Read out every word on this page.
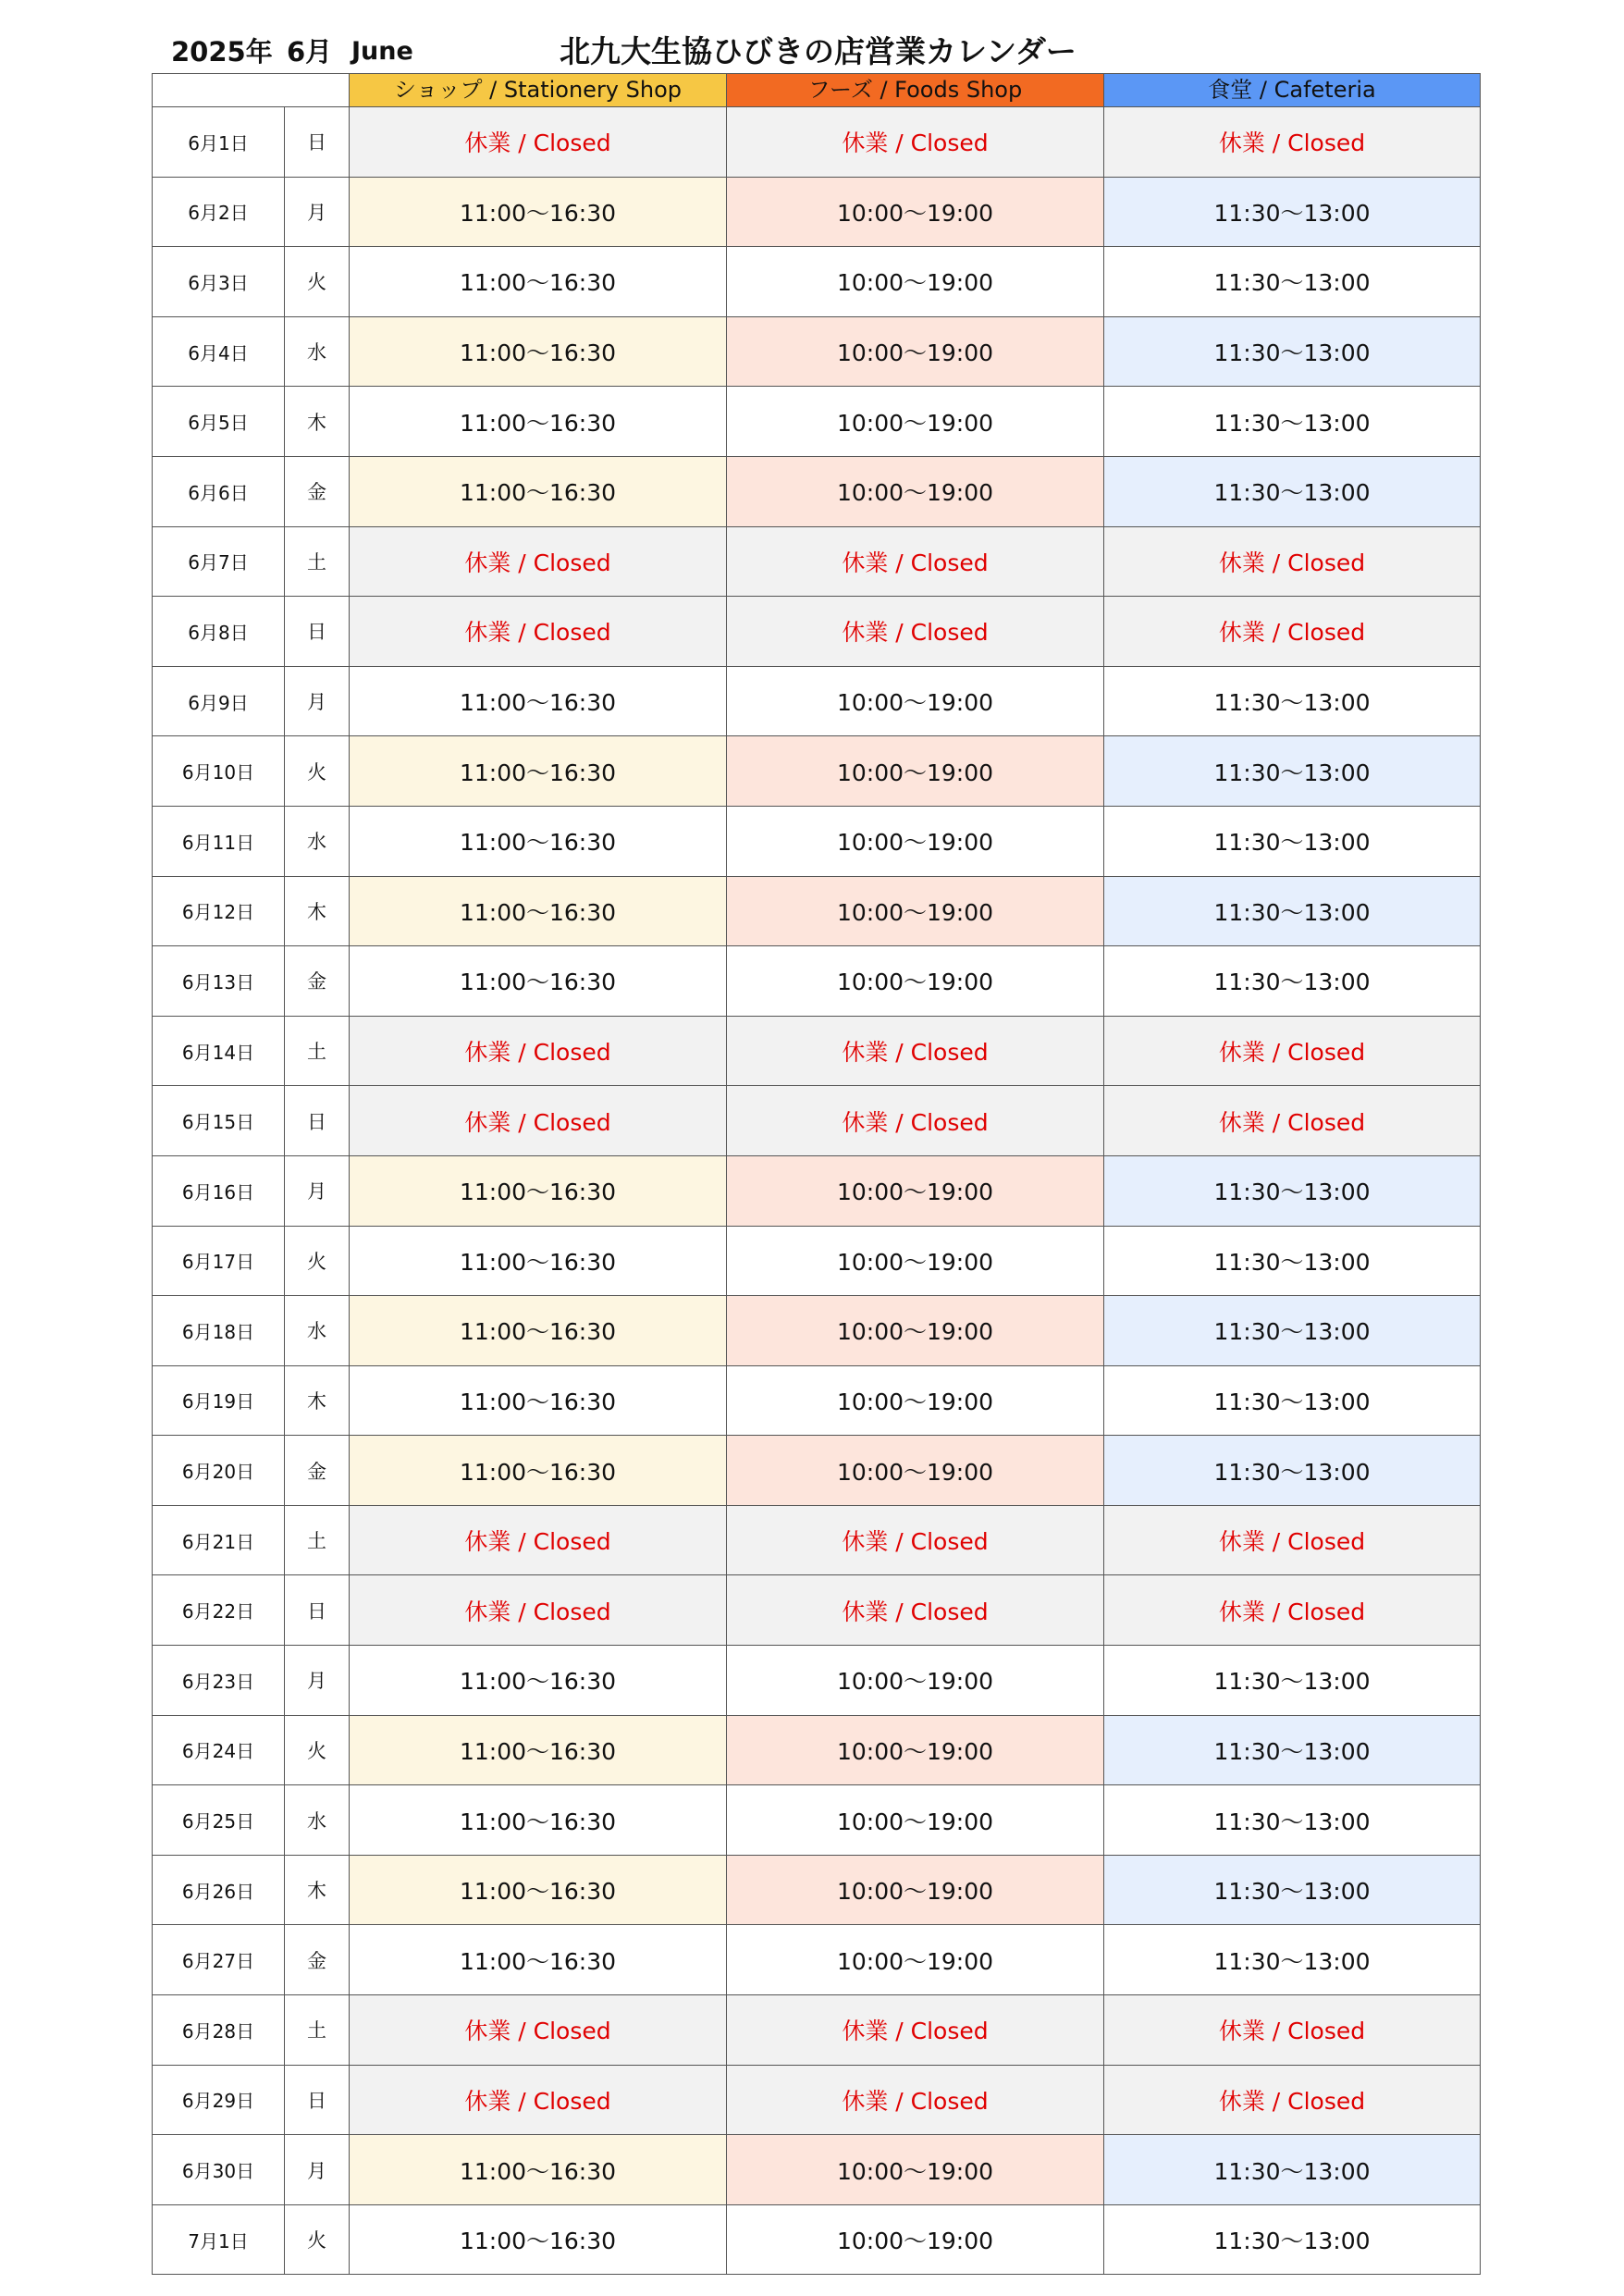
2025年 6月 June	北九大生協ひびきの店営業カレンダー
		ショップ / Stationery Shop	フーズ / Foods Shop	食堂 / Cafeteria
6月1日	日	休業 / Closed	休業 / Closed	休業 / Closed
6月2日	月	11:00〜16:30	10:00〜19:00	11:30〜13:00
6月3日	火	11:00〜16:30	10:00〜19:00	11:30〜13:00
6月4日	水	11:00〜16:30	10:00〜19:00	11:30〜13:00
6月5日	木	11:00〜16:30	10:00〜19:00	11:30〜13:00
6月6日	金	11:00〜16:30	10:00〜19:00	11:30〜13:00
6月7日	土	休業 / Closed	休業 / Closed	休業 / Closed
6月8日	日	休業 / Closed	休業 / Closed	休業 / Closed
6月9日	月	11:00〜16:30	10:00〜19:00	11:30〜13:00
6月10日	火	11:00〜16:30	10:00〜19:00	11:30〜13:00
6月11日	水	11:00〜16:30	10:00〜19:00	11:30〜13:00
6月12日	木	11:00〜16:30	10:00〜19:00	11:30〜13:00
6月13日	金	11:00〜16:30	10:00〜19:00	11:30〜13:00
6月14日	土	休業 / Closed	休業 / Closed	休業 / Closed
6月15日	日	休業 / Closed	休業 / Closed	休業 / Closed
6月16日	月	11:00〜16:30	10:00〜19:00	11:30〜13:00
6月17日	火	11:00〜16:30	10:00〜19:00	11:30〜13:00
6月18日	水	11:00〜16:30	10:00〜19:00	11:30〜13:00
6月19日	木	11:00〜16:30	10:00〜19:00	11:30〜13:00
6月20日	金	11:00〜16:30	10:00〜19:00	11:30〜13:00
6月21日	土	休業 / Closed	休業 / Closed	休業 / Closed
6月22日	日	休業 / Closed	休業 / Closed	休業 / Closed
6月23日	月	11:00〜16:30	10:00〜19:00	11:30〜13:00
6月24日	火	11:00〜16:30	10:00〜19:00	11:30〜13:00
6月25日	水	11:00〜16:30	10:00〜19:00	11:30〜13:00
6月26日	木	11:00〜16:30	10:00〜19:00	11:30〜13:00
6月27日	金	11:00〜16:30	10:00〜19:00	11:30〜13:00
6月28日	土	休業 / Closed	休業 / Closed	休業 / Closed
6月29日	日	休業 / Closed	休業 / Closed	休業 / Closed
6月30日	月	11:00〜16:30	10:00〜19:00	11:30〜13:00
7月1日	火	11:00〜16:30	10:00〜19:00	11:30〜13:00
